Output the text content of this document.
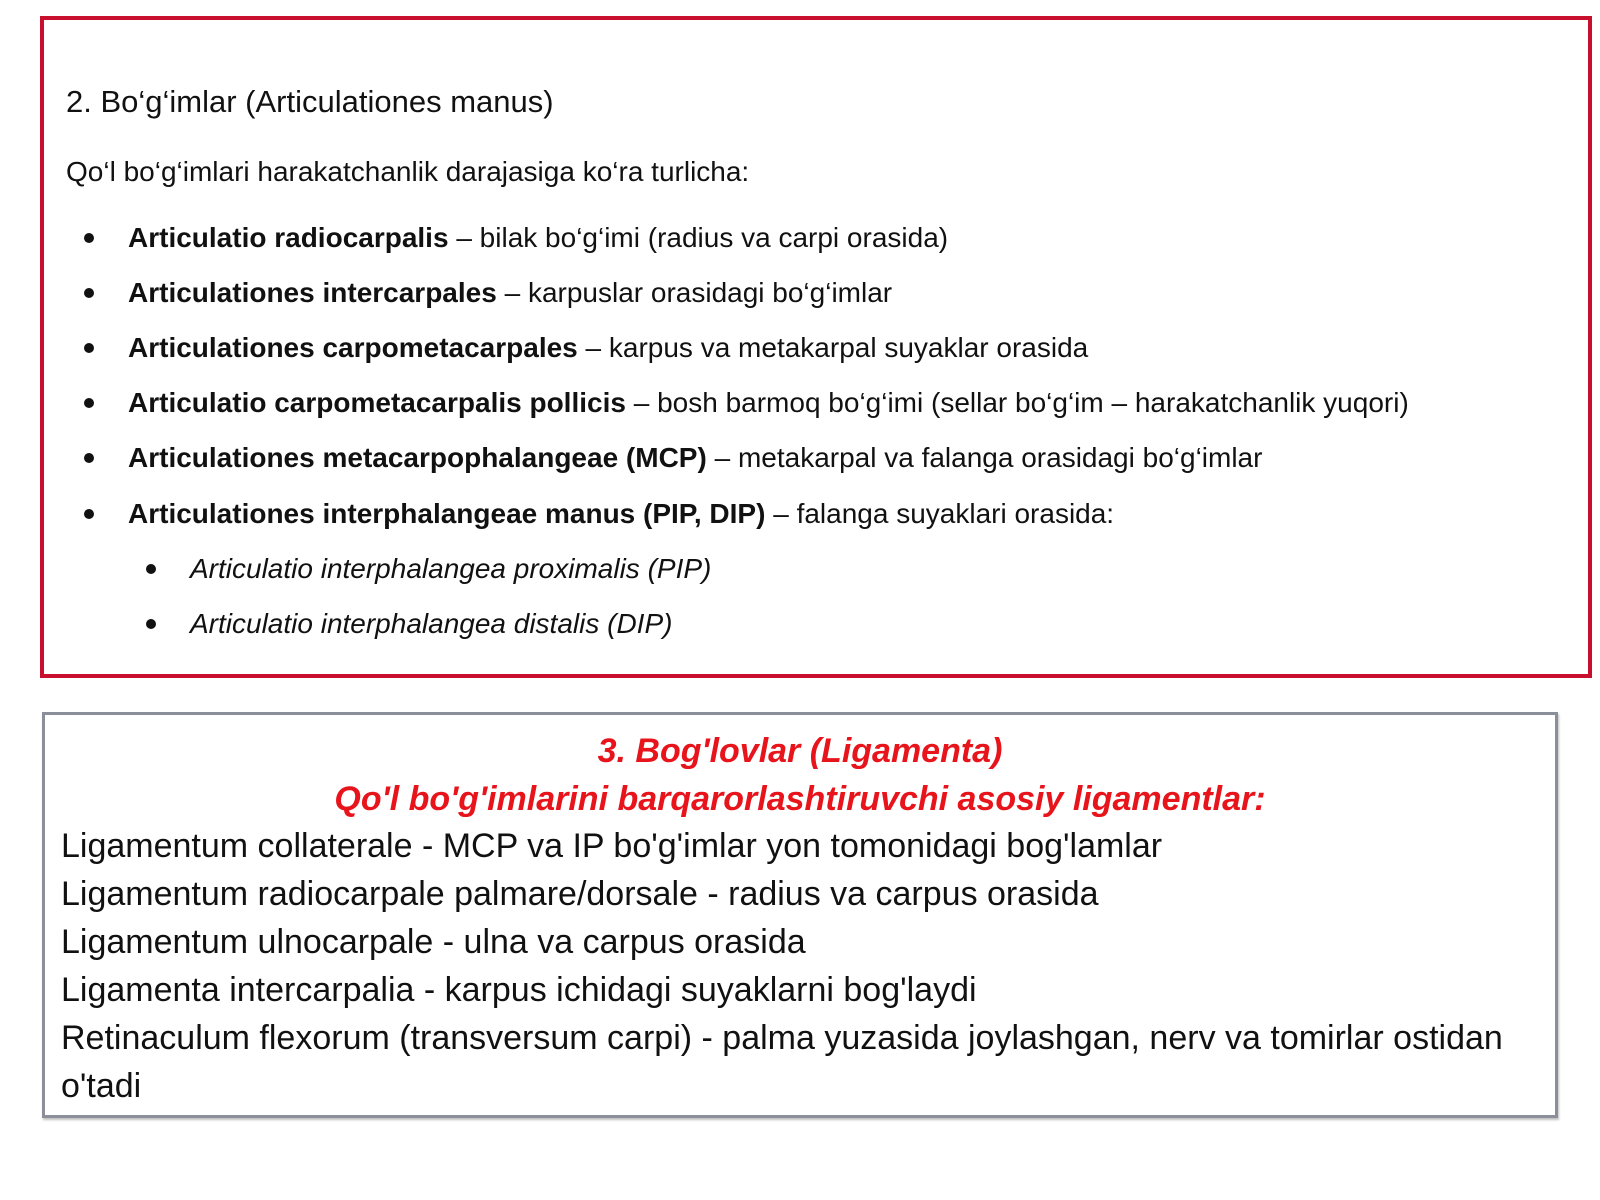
2. Bo‘g‘imlar (Articulationes manus)

Qo‘l bo‘g‘imlari harakatchanlik darajasiga ko‘ra turlicha:

Articulatio radiocarpalis – bilak bo‘g‘imi (radius va carpi orasida)
Articulationes intercarpales – karpuslar orasidagi bo‘g‘imlar
Articulationes carpometacarpales – karpus va metakarpal suyaklar orasida
Articulatio carpometacarpalis pollicis – bosh barmoq bo‘g‘imi (sellar bo‘g‘im – harakatchanlik yuqori)
Articulationes metacarpophalangeae (MCP) – metakarpal va falanga orasidagi bo‘g‘imlar
Articulationes interphalangeae manus (PIP, DIP) – falanga suyaklari orasida:
Articulatio interphalangea proximalis (PIP)
Articulatio interphalangea distalis (DIP)
3. Bog'lovlar (Ligamenta)
Qo'l bo'g'imlarini barqarorlashtiruvchi asosiy ligamentlar:
Ligamentum collaterale - MCP va IP bo'g'imlar yon tomonidagi bog'lamlar
Ligamentum radiocarpale palmare/dorsale - radius va carpus orasida
Ligamentum ulnocarpale - ulna va carpus orasida
Ligamenta intercarpalia - karpus ichidagi suyaklarni bog'laydi
Retinaculum flexorum (transversum carpi) - palma yuzasida joylashgan, nerv va tomirlar ostidan o'tadi
